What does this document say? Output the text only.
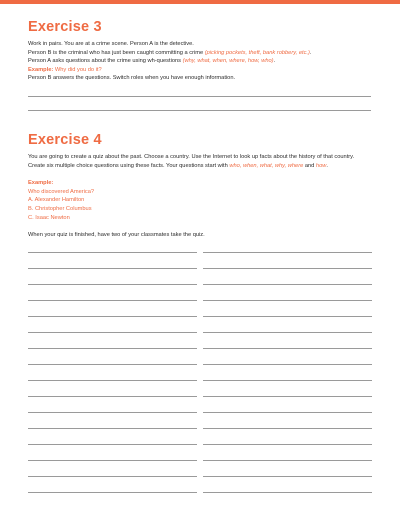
Exercise 3
Work in pairs. You are at a crime scene. Person A is the detective.
Person B is the criminal who has just been caught committing a crime (picking pockets, theft, bank robbery, etc.).
Person A asks questions about the crime using wh-questions (why, what, when, where, how, who).
Example: Why did you do it?
Person B answers the questions. Switch roles when you have enough information.
Exercise 4
You are going to create a quiz about the past. Choose a country. Use the Internet to look up facts about the history of that country. Create six multiple choice questions using these facts. Your questions start with who, when, what, why, where and how.
Example:
Who discovered America?
A. Alexander Hamilton
B. Christopher Columbus
C. Isaac Newton
When your quiz is finished, have two of your classmates take the quiz.
